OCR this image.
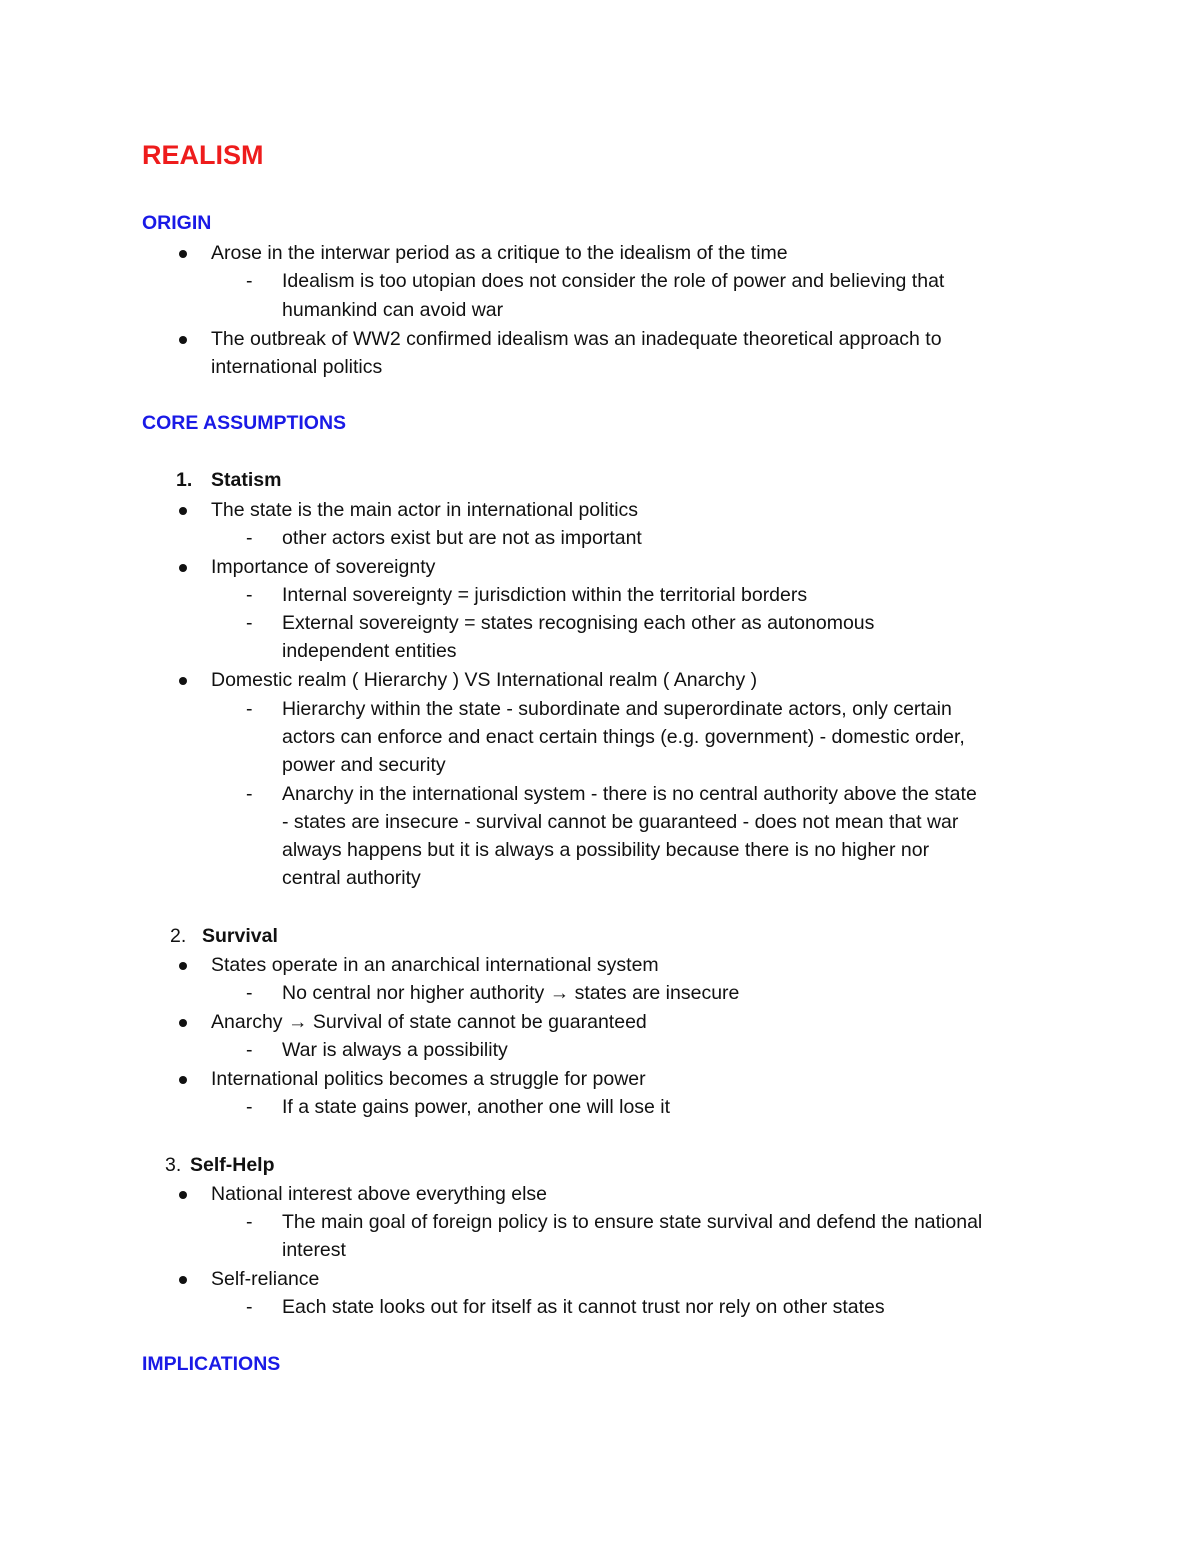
REALISM
ORIGIN
Arose in the interwar period as a critique to the idealism of the time
- Idealism is too utopian does not consider the role of power and believing that
humankind can avoid war
The outbreak of WW2 confirmed idealism was an inadequate theoretical approach to
international politics
CORE ASSUMPTIONS
1. Statism
The state is the main actor in international politics
- other actors exist but are not as important
Importance of sovereignty
- Internal sovereignty = jurisdiction within the territorial borders
- External sovereignty = states recognising each other as autonomous
independent entities
Domestic realm ( Hierarchy ) VS International realm ( Anarchy )
- Hierarchy within the state - subordinate and superordinate actors, only certain
actors can enforce and enact certain things (e.g. government) - domestic order,
power and security
- Anarchy in the international system - there is no central authority above the state
- states are insecure - survival cannot be guaranteed - does not mean that war
always happens but it is always a possibility because there is no higher nor
central authority
2. Survival
States operate in an anarchical international system
- No central nor higher authority → states are insecure
Anarchy → Survival of state cannot be guaranteed
- War is always a possibility
International politics becomes a struggle for power
- If a state gains power, another one will lose it
3. Self-Help
National interest above everything else
- The main goal of foreign policy is to ensure state survival and defend the national
interest
Self-reliance
- Each state looks out for itself as it cannot trust nor rely on other states
IMPLICATIONS
